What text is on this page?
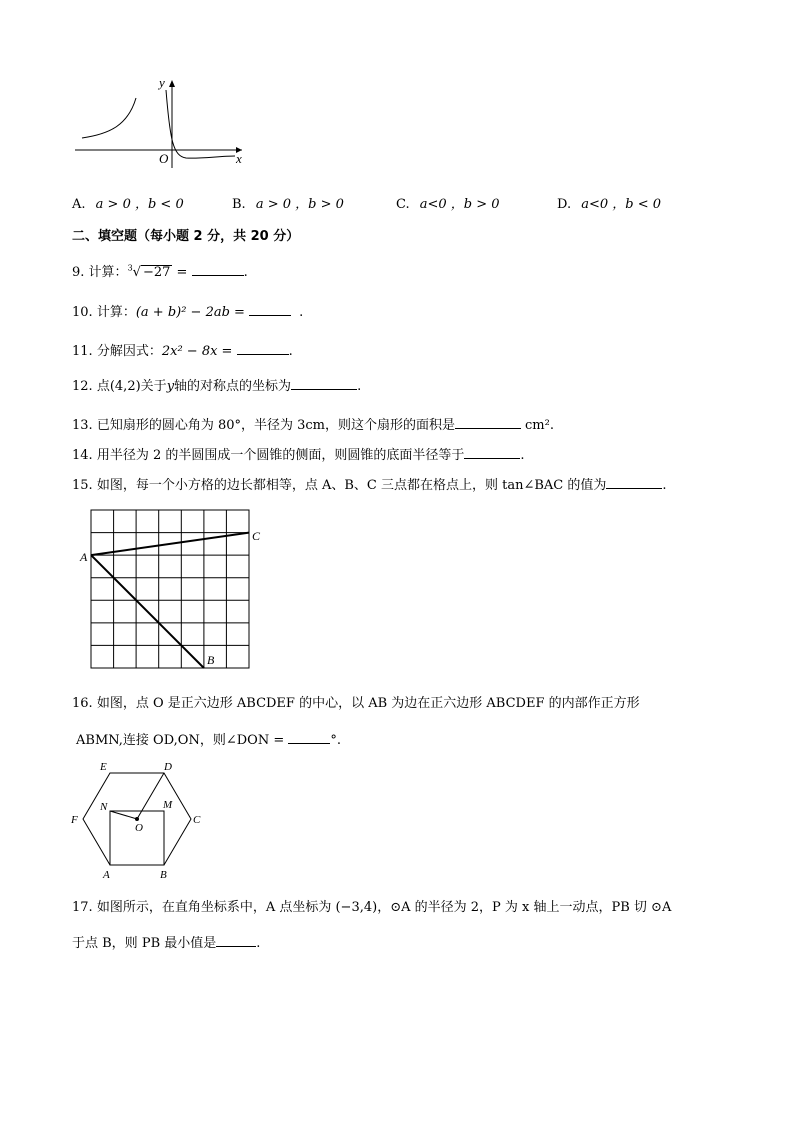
y
x
O
A. a > 0 ，b < 0	B. a > 0 ，b > 0	C. a<0 ，b > 0	D. a<0 ，b < 0
二、填空题（每小题 2 分，共 20 分）
9. 计算：$^3$√ −27 =	.
10. 计算：(a + b)² − 2ab =	.
11. 分解因式：2x² − 8x =	.
12. 点(4,2)关于y轴的对称点的坐标为	.
13. 已知扇形的圆心角为 80°，半径为 3cm，则这个扇形的面积是	cm².
14. 用半径为 2 的半圆围成一个圆锥的侧面，则圆锥的底面半径等于	.
15. 如图，每一个小方格的边长都相等，点 A、B、C 三点都在格点上，则 tan∠BAC 的值为	.
A
B
C
16. 如图，点 O 是正六边形 ABCDEF 的中心，以 AB 为边在正六边形 ABCDEF 的内部作正方形
ABMN,连接 OD,ON，则∠DON =	°.
A	B
C
D
E
F
M
N
O
17. 如图所示，在直角坐标系中，A 点坐标为 (−3,4)，⊙A 的半径为 2，P 为 x 轴上一动点，PB 切 ⊙A
于点 B，则 PB 最小值是	.
